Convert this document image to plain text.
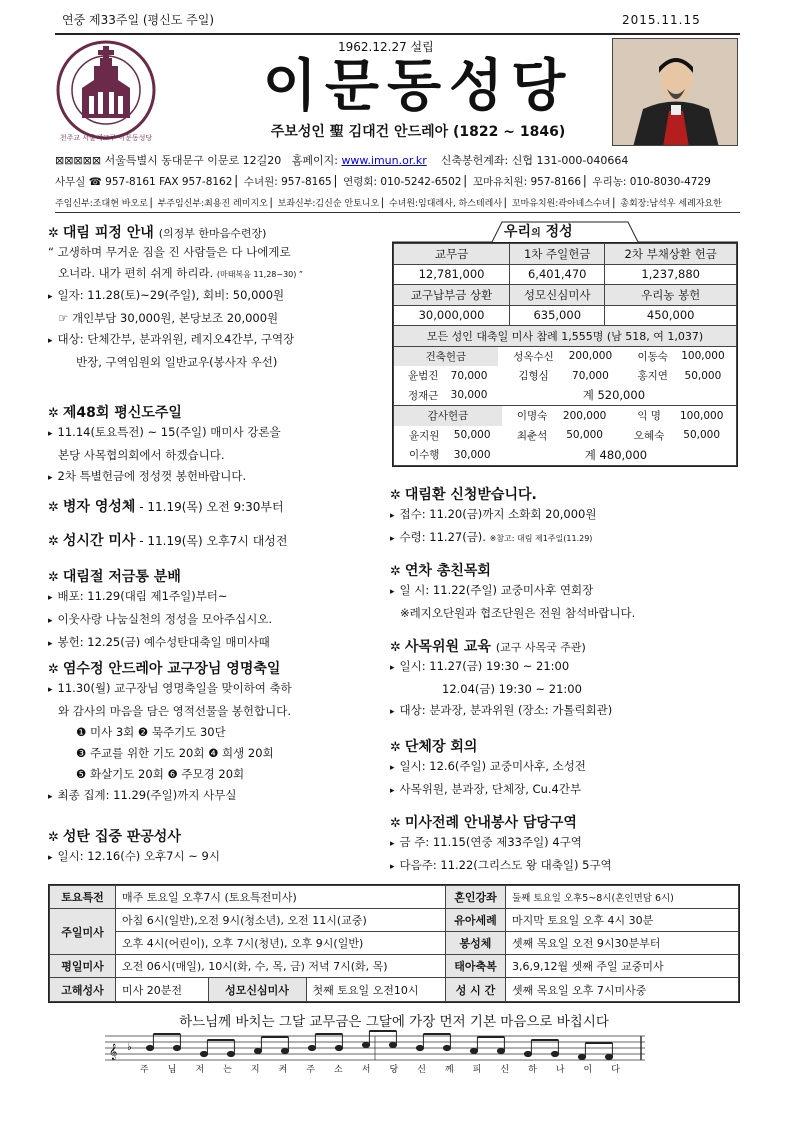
연중 제33주일 (평신도 주일)	2015.11.15
천주교 서울대교구 이문동성당
1962.12.27 설립
이문동성당
주보성인 聖 김대건 안드레아 (1822 ~ 1846)
⊠⊠⊠⊠⊠ 서울특별시 동대문구 이문로 12길20 홈페이지: www.imun.or.kr 신축봉헌계좌: 신협 131-000-040664
사무실 ☎ 957-8161 FAX 957-8162 ▏수녀원: 957-8165 ▏연령회: 010-5242-6502 ▏꼬마유치원: 957-8166 ▏우리농: 010-8030-4729
주임신부:조대현 바오로 ▏부주임신부:최용진 레미지오 ▏보좌신부:김신순 안토니오 ▏수녀원:임대레사, 하스테레사 ▏꼬마유치원:곽아녜스수녀 ▏총회장:남석우 세례자요한
✲ 대림 피정 안내 (의정부 한마음수련장)
“ 고생하며 무거운 짐을 진 사람들은 다 나에게로
오너라. 내가 편히 쉬게 하리라. (마태복음 11,28~30) ”
▸ 일자: 11.28(토)~29(주일), 회비: 50,000원
☞ 개인부담 30,000원, 본당보조 20,000원
▸ 대상: 단체간부, 분과위원, 레지오4간부, 구역장
반장, 구역임원외 일반교우(봉사자 우선)
✲ 제48회 평신도주일
▸ 11.14(토요특전) ~ 15(주일) 매미사 강론을
본당 사목협의회에서 하겠습니다.
▸ 2차 특별헌금에 정성껏 봉헌바랍니다.
✲ 병자 영성체 - 11.19(목) 오전 9:30부터
✲ 성시간 미사 - 11.19(목) 오후7시 대성전
✲ 대림절 저금통 분배
▸ 배포: 11.29(대림 제1주일)부터~
▸ 이웃사랑 나눔실천의 정성을 모아주십시오.
▸ 봉헌: 12.25(금) 예수성탄대축일 매미사때
✲ 염수정 안드레아 교구장님 영명축일
▸ 11.30(월) 교구장님 영명축일을 맞이하여 축하
와 감사의 마음을 담은 영적선물을 봉헌합니다.
❶ 미사 3회 ❷ 묵주기도 30단
❸ 주교를 위한 기도 20회 ❹ 희생 20회
❺ 화살기도 20회 ❻ 주모경 20회
▸ 최종 집계: 11.29(주일)까지 사무실
✲ 성탄 집중 판공성사
▸ 일시: 12.16(수) 오후7시 ~ 9시
우리의 정성
교무금	1차 주일헌금	2차 부채상환 헌금
12,781,000	6,401,470	1,237,880
교구납부금 상환	성모신심미사	우리농 봉헌
30,000,000	635,000	450,000
모든 성인 대축일 미사 참례 1,555명 (남 518, 여 1,037)

건축헌금	성옥수신	200,000	이동숙	100,000
윤범진	70,000	김형심	70,000	홍지연	50,000
정재근	30,000	계 520,000

감사헌금	이명숙	200,000	익 명	100,000
윤지원	50,000	최춘석	50,000	오혜숙	50,000
이수행	30,000	계 480,000
✲ 대림환 신청받습니다.
▸ 접수: 11.20(금)까지 소화회 20,000원
▸ 수령: 11.27(금). ※참고: 대림 제1주일(11.29)
✲ 연차 총친목회
▸ 일 시: 11.22(주일) 교중미사후 연회장
※레지오단원과 협조단원은 전원 참석바랍니다.
✲ 사목위원 교육 (교구 사목국 주관)
▸ 일시: 11.27(금) 19:30 ~ 21:00
12.04(금) 19:30 ~ 21:00
▸ 대상: 분과장, 분과위원 (장소: 가톨릭회관)
✲ 단체장 회의
▸ 일시: 12.6(주일) 교중미사후, 소성전
▸ 사목위원, 분과장, 단체장, Cu.4간부
✲ 미사전례 안내봉사 담당구역
▸ 금 주: 11.15(연중 제33주일) 4구역
▸ 다음주: 11.22(그리스도 왕 대축일) 5구역
토요특전	매주 토요일 오후7시 (토요특전미사)	혼인강좌	둘째 토요일 오후5~8시(혼인면담 6시)
주일미사	아침 6시(일반),오전 9시(청소년), 오전 11시(교중)	유아세례	마지막 토요일 오후 4시 30분
오후 4시(어린이), 오후 7시(청년), 오후 9시(일반)	봉성체	셋째 목요일 오전 9시30분부터
평일미사	오전 06시(매일), 10시(화, 수, 목, 금) 저녁 7시(화, 목)	태아축복	3,6,9,12월 셋째 주일 교중미사
고해성사	미사 20분전	성모신심미사	첫째 토요일 오전10시
		성 시 간	셋째 목요일 오후 7시미사중
하느님께 바치는 그달 교무금은 그달에 가장 먼저 기본 마음으로 바칩시다
𝄞 ♭
주 님 저 는 지 켜 주 소 서 당 신 께 피 신 하 나 이 다
